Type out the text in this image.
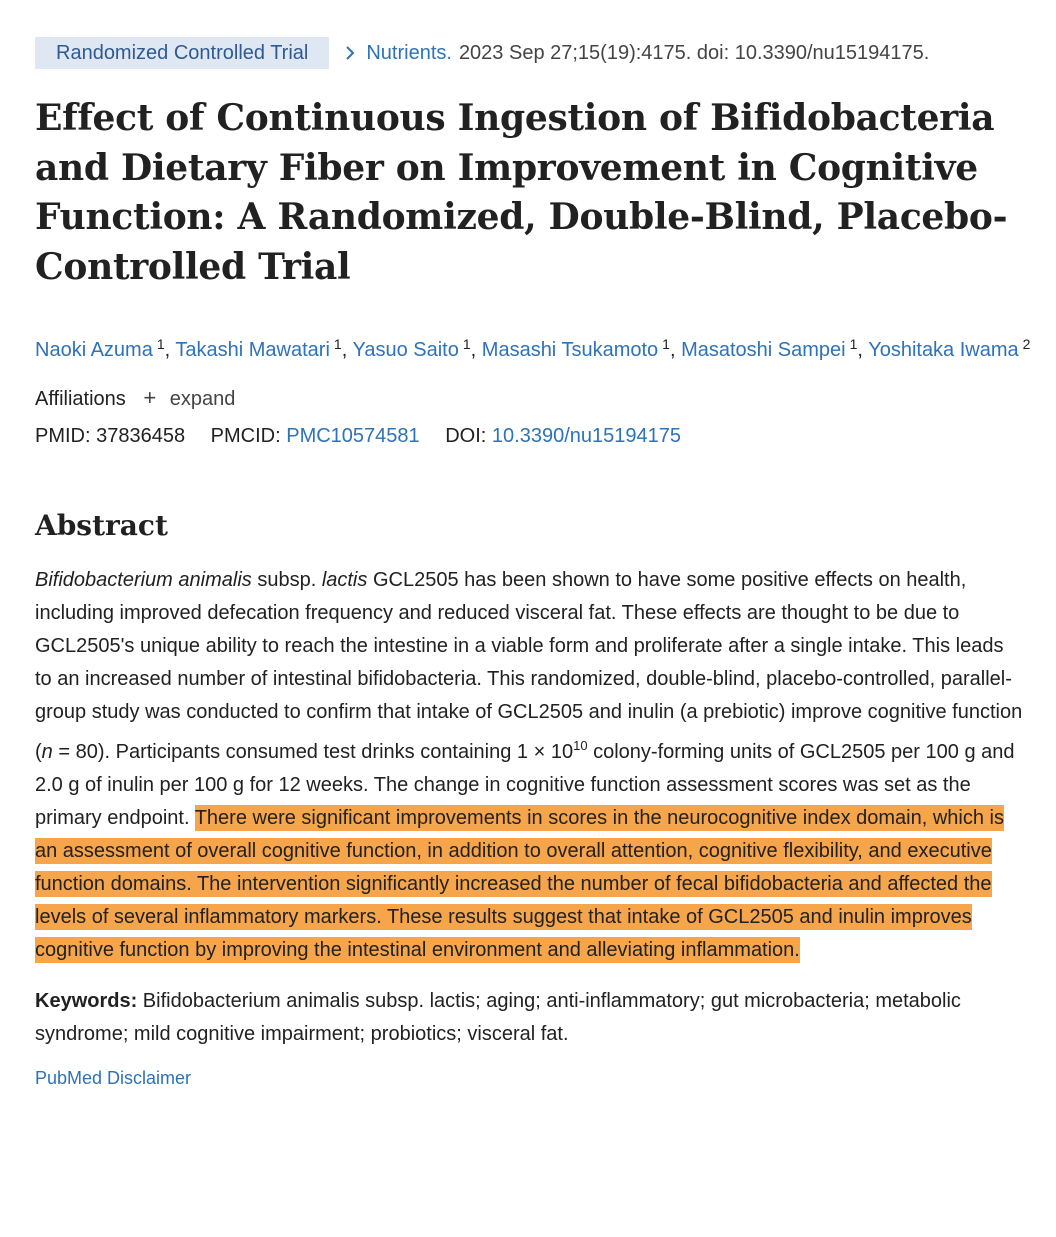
Randomized Controlled Trial	Nutrients. 2023 Sep 27;15(19):4175. doi: 10.3390/nu15194175.
Effect of Continuous Ingestion of Bifidobacteria and Dietary Fiber on Improvement in Cognitive Function: A Randomized, Double-Blind, Placebo-Controlled Trial
Naoki Azuma $^1$, Takashi Mawatari $^1$, Yasuo Saito $^1$, Masashi Tsukamoto $^1$, Masatoshi Sampei $^1$, Yoshitaka Iwama $^2$
Affiliations + expand
PMID: 37836458 PMCID: PMC10574581 DOI: 10.3390/nu15194175
Abstract
Bifidobacterium animalis subsp. lactis GCL2505 has been shown to have some positive effects on health, including improved defecation frequency and reduced visceral fat. These effects are thought to be due to GCL2505's unique ability to reach the intestine in a viable form and proliferate after a single intake. This leads to an increased number of intestinal bifidobacteria. This randomized, double-blind, placebo-controlled, parallel-group study was conducted to confirm that intake of GCL2505 and inulin (a prebiotic) improve cognitive function (n = 80). Participants consumed test drinks containing $1 \times 10^{10}$ colony-forming units of GCL2505 per 100 g and 2.0 g of inulin per 100 g for 12 weeks. The change in cognitive function assessment scores was set as the primary endpoint. There were significant improvements in scores in the neurocognitive index domain, which is an assessment of overall cognitive function, in addition to overall attention, cognitive flexibility, and executive function domains. The intervention significantly increased the number of fecal bifidobacteria and affected the levels of several inflammatory markers. These results suggest that intake of GCL2505 and inulin improves cognitive function by improving the intestinal environment and alleviating inflammation.
Keywords: Bifidobacterium animalis subsp. lactis; aging; anti-inflammatory; gut microbacteria; metabolic syndrome; mild cognitive impairment; probiotics; visceral fat.
PubMed Disclaimer
